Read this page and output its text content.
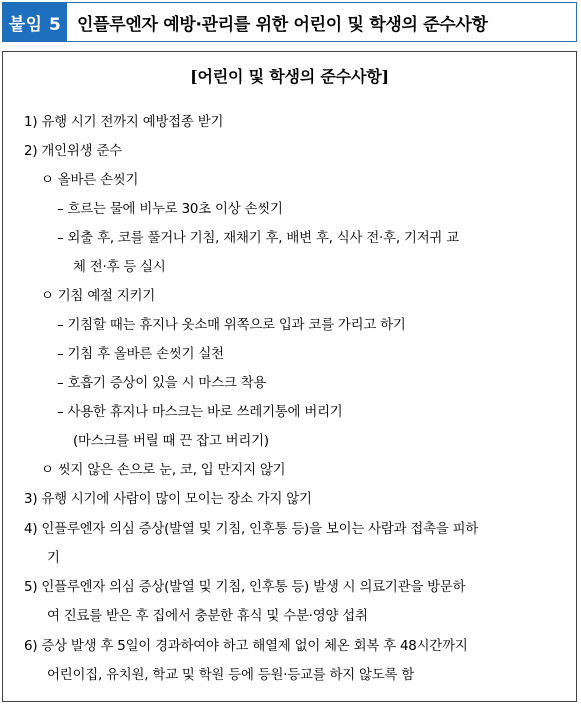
붙임 5 인플루엔자 예방·관리를 위한 어린이 및 학생의 준수사항
[어린이 및 학생의 준수사항]
1) 유행 시기 전까지 예방접종 받기
2) 개인위생 준수
ㅇ 올바른 손씻기
– 흐르는 물에 비누로 30초 이상 손씻기
– 외출 후, 코를 풀거나 기침, 재채기 후, 배변 후, 식사 전·후, 기저귀 교
체 전·후 등 실시
ㅇ 기침 예절 지키기
– 기침할 때는 휴지나 옷소매 위쪽으로 입과 코를 가리고 하기
– 기침 후 올바른 손씻기 실천
– 호흡기 증상이 있을 시 마스크 착용
– 사용한 휴지나 마스크는 바로 쓰레기통에 버리기
(마스크를 버릴 때 끈 잡고 버리기)
ㅇ 씻지 않은 손으로 눈, 코, 입 만지지 않기
3) 유행 시기에 사람이 많이 모이는 장소 가지 않기
4) 인플루엔자 의심 증상(발열 및 기침, 인후통 등)을 보이는 사람과 접촉을 피하
기
5) 인플루엔자 의심 증상(발열 및 기침, 인후통 등) 발생 시 의료기관을 방문하
여 진료를 받은 후 집에서 충분한 휴식 및 수분·영양 섭취
6) 증상 발생 후 5일이 경과하여야 하고 해열제 없이 체온 회복 후 48시간까지
어린이집, 유치원, 학교 및 학원 등에 등원·등교를 하지 않도록 함
